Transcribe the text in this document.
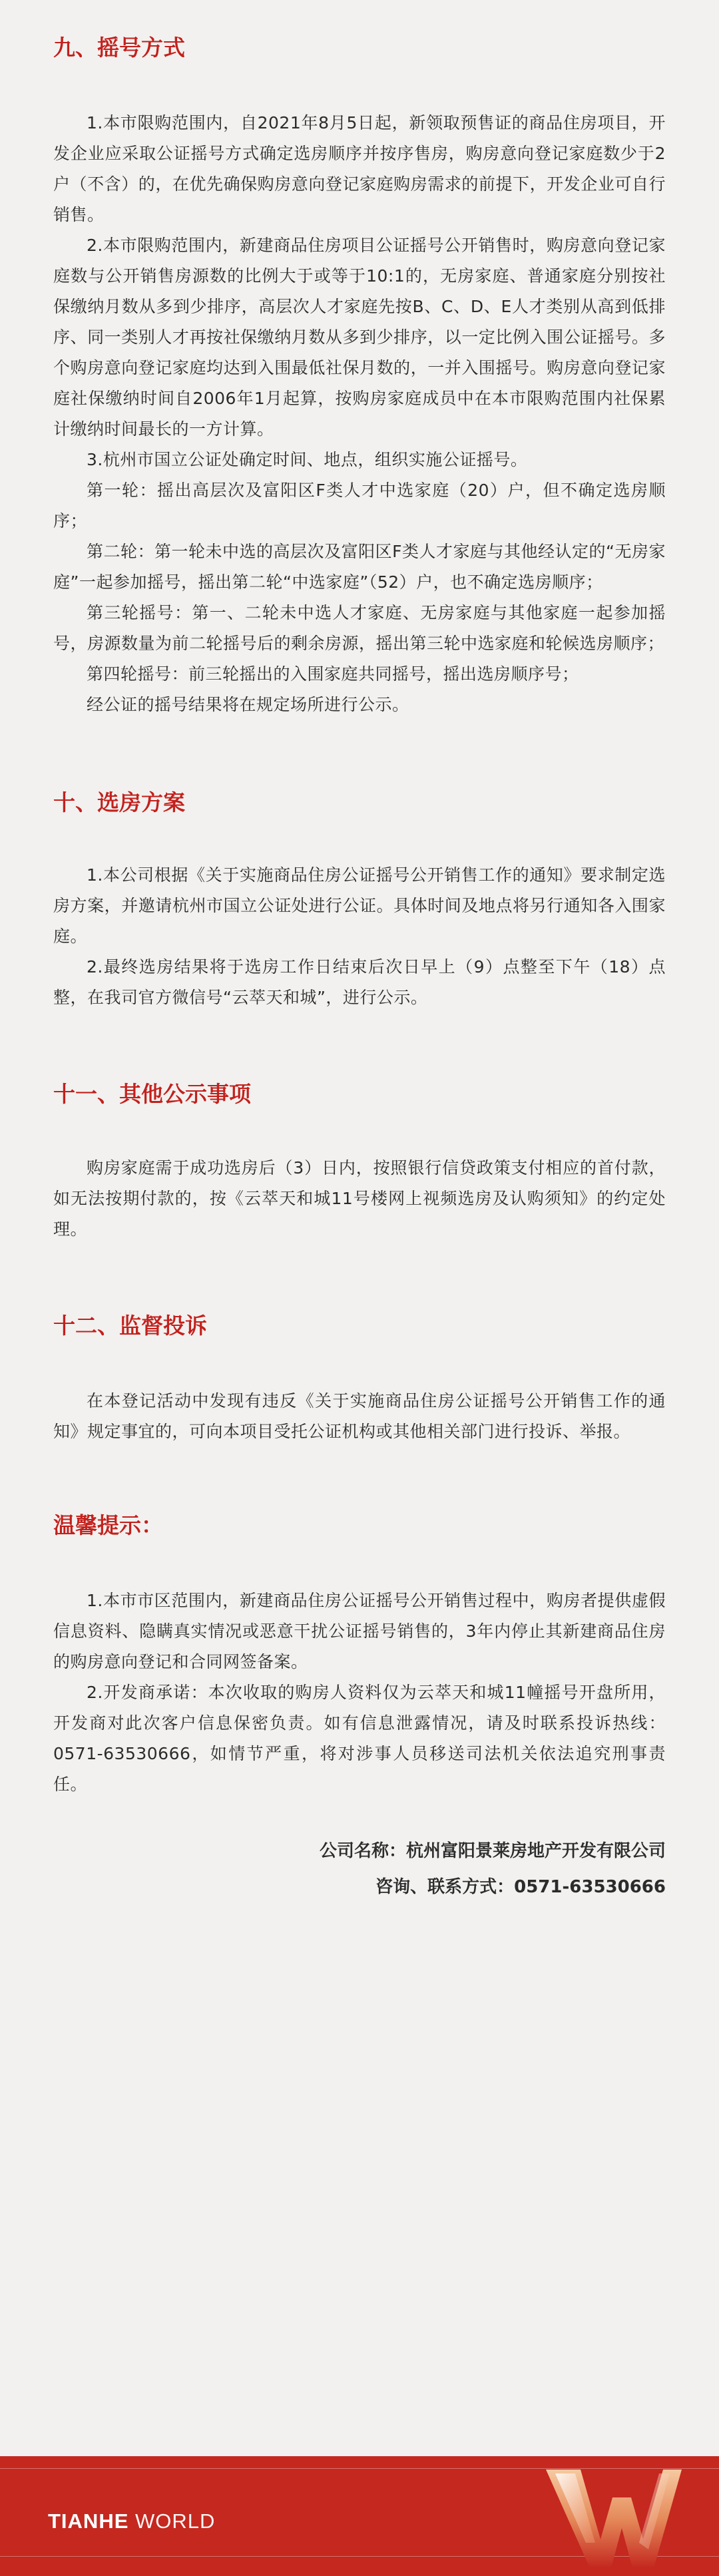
九、摇号方式

1.本市限购范围内，自2021年8月5日起，新领取预售证的商品住房项目，开发企业应采取公证摇号方式确定选房顺序并按序售房，购房意向登记家庭数少于2户（不含）的，在优先确保购房意向登记家庭购房需求的前提下，开发企业可自行销售。

2.本市限购范围内，新建商品住房项目公证摇号公开销售时，购房意向登记家庭数与公开销售房源数的比例大于或等于10:1的，无房家庭、普通家庭分别按社保缴纳月数从多到少排序，高层次人才家庭先按B、C、D、E人才类别从高到低排序、同一类别人才再按社保缴纳月数从多到少排序，以一定比例入围公证摇号。多个购房意向登记家庭均达到入围最低社保月数的，一并入围摇号。购房意向登记家庭社保缴纳时间自2006年1月起算，按购房家庭成员中在本市限购范围内社保累计缴纳时间最长的一方计算。

3.杭州市国立公证处确定时间、地点，组织实施公证摇号。

第一轮：摇出高层次及富阳区F类人才中选家庭（20）户，但不确定选房顺序；

第二轮：第一轮未中选的高层次及富阳区F类人才家庭与其他经认定的“无房家庭”一起参加摇号，摇出第二轮“中选家庭”（52）户，也不确定选房顺序；

第三轮摇号：第一、二轮未中选人才家庭、无房家庭与其他家庭一起参加摇号，房源数量为前二轮摇号后的剩余房源，摇出第三轮中选家庭和轮候选房顺序；

第四轮摇号：前三轮摇出的入围家庭共同摇号，摇出选房顺序号；

经公证的摇号结果将在规定场所进行公示。

十、选房方案

1.本公司根据《关于实施商品住房公证摇号公开销售工作的通知》要求制定选房方案，并邀请杭州市国立公证处进行公证。具体时间及地点将另行通知各入围家庭。

2.最终选房结果将于选房工作日结束后次日早上（9）点整至下午（18）点整，在我司官方微信号“云萃天和城”，进行公示。

十一、其他公示事项

购房家庭需于成功选房后（3）日内，按照银行信贷政策支付相应的首付款，如无法按期付款的，按《云萃天和城11号楼网上视频选房及认购须知》的约定处理。

十二、监督投诉

在本登记活动中发现有违反《关于实施商品住房公证摇号公开销售工作的通知》规定事宜的，可向本项目受托公证机构或其他相关部门进行投诉、举报。

温馨提示：

1.本市市区范围内，新建商品住房公证摇号公开销售过程中，购房者提供虚假信息资料、隐瞒真实情况或恶意干扰公证摇号销售的，3年内停止其新建商品住房的购房意向登记和合同网签备案。

2.开发商承诺：本次收取的购房人资料仅为云萃天和城11幢摇号开盘所用，开发商对此次客户信息保密负责。如有信息泄露情况，请及时联系投诉热线：0571-63530666，如情节严重，将对涉事人员移送司法机关依法追究刑事责任。

公司名称：杭州富阳景莱房地产开发有限公司
咨询、联系方式：0571-63530666
TIANHE WORLD
